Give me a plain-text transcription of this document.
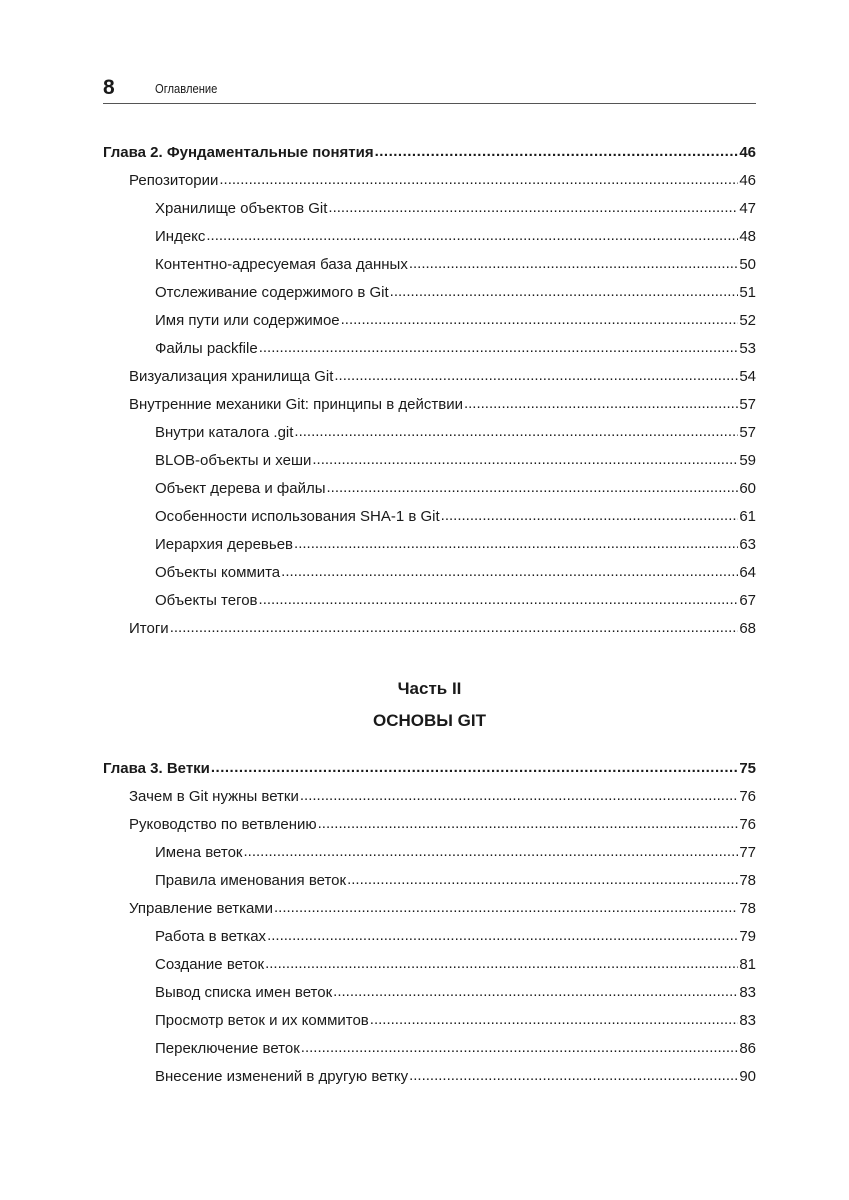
8	Оглавление
Глава 2. Фундаментальные понятия .....	46
Репозитории .....	46
Хранилище объектов Git .....	47
Индекс .....	48
Контентно-адресуемая база данных .....	50
Отслеживание содержимого в Git .....	51
Имя пути или содержимое .....	52
Файлы packfile .....	53
Визуализация хранилища Git .....	54
Внутренние механики Git: принципы в действии .....	57
Внутри каталога .git .....	57
BLOB-объекты и хеши .....	59
Объект дерева и файлы .....	60
Особенности использования SHA-1 в Git .....	61
Иерархия деревьев .....	63
Объекты коммита .....	64
Объекты тегов .....	67
Итоги .....	68
Часть II
ОСНОВЫ GIT
Глава 3. Ветки .....	75
Зачем в Git нужны ветки .....	76
Руководство по ветвлению .....	76
Имена веток .....	77
Правила именования веток .....	78
Управление ветками .....	78
Работа в ветках .....	79
Создание веток .....	81
Вывод списка имен веток .....	83
Просмотр веток и их коммитов .....	83
Переключение веток .....	86
Внесение изменений в другую ветку .....	90
